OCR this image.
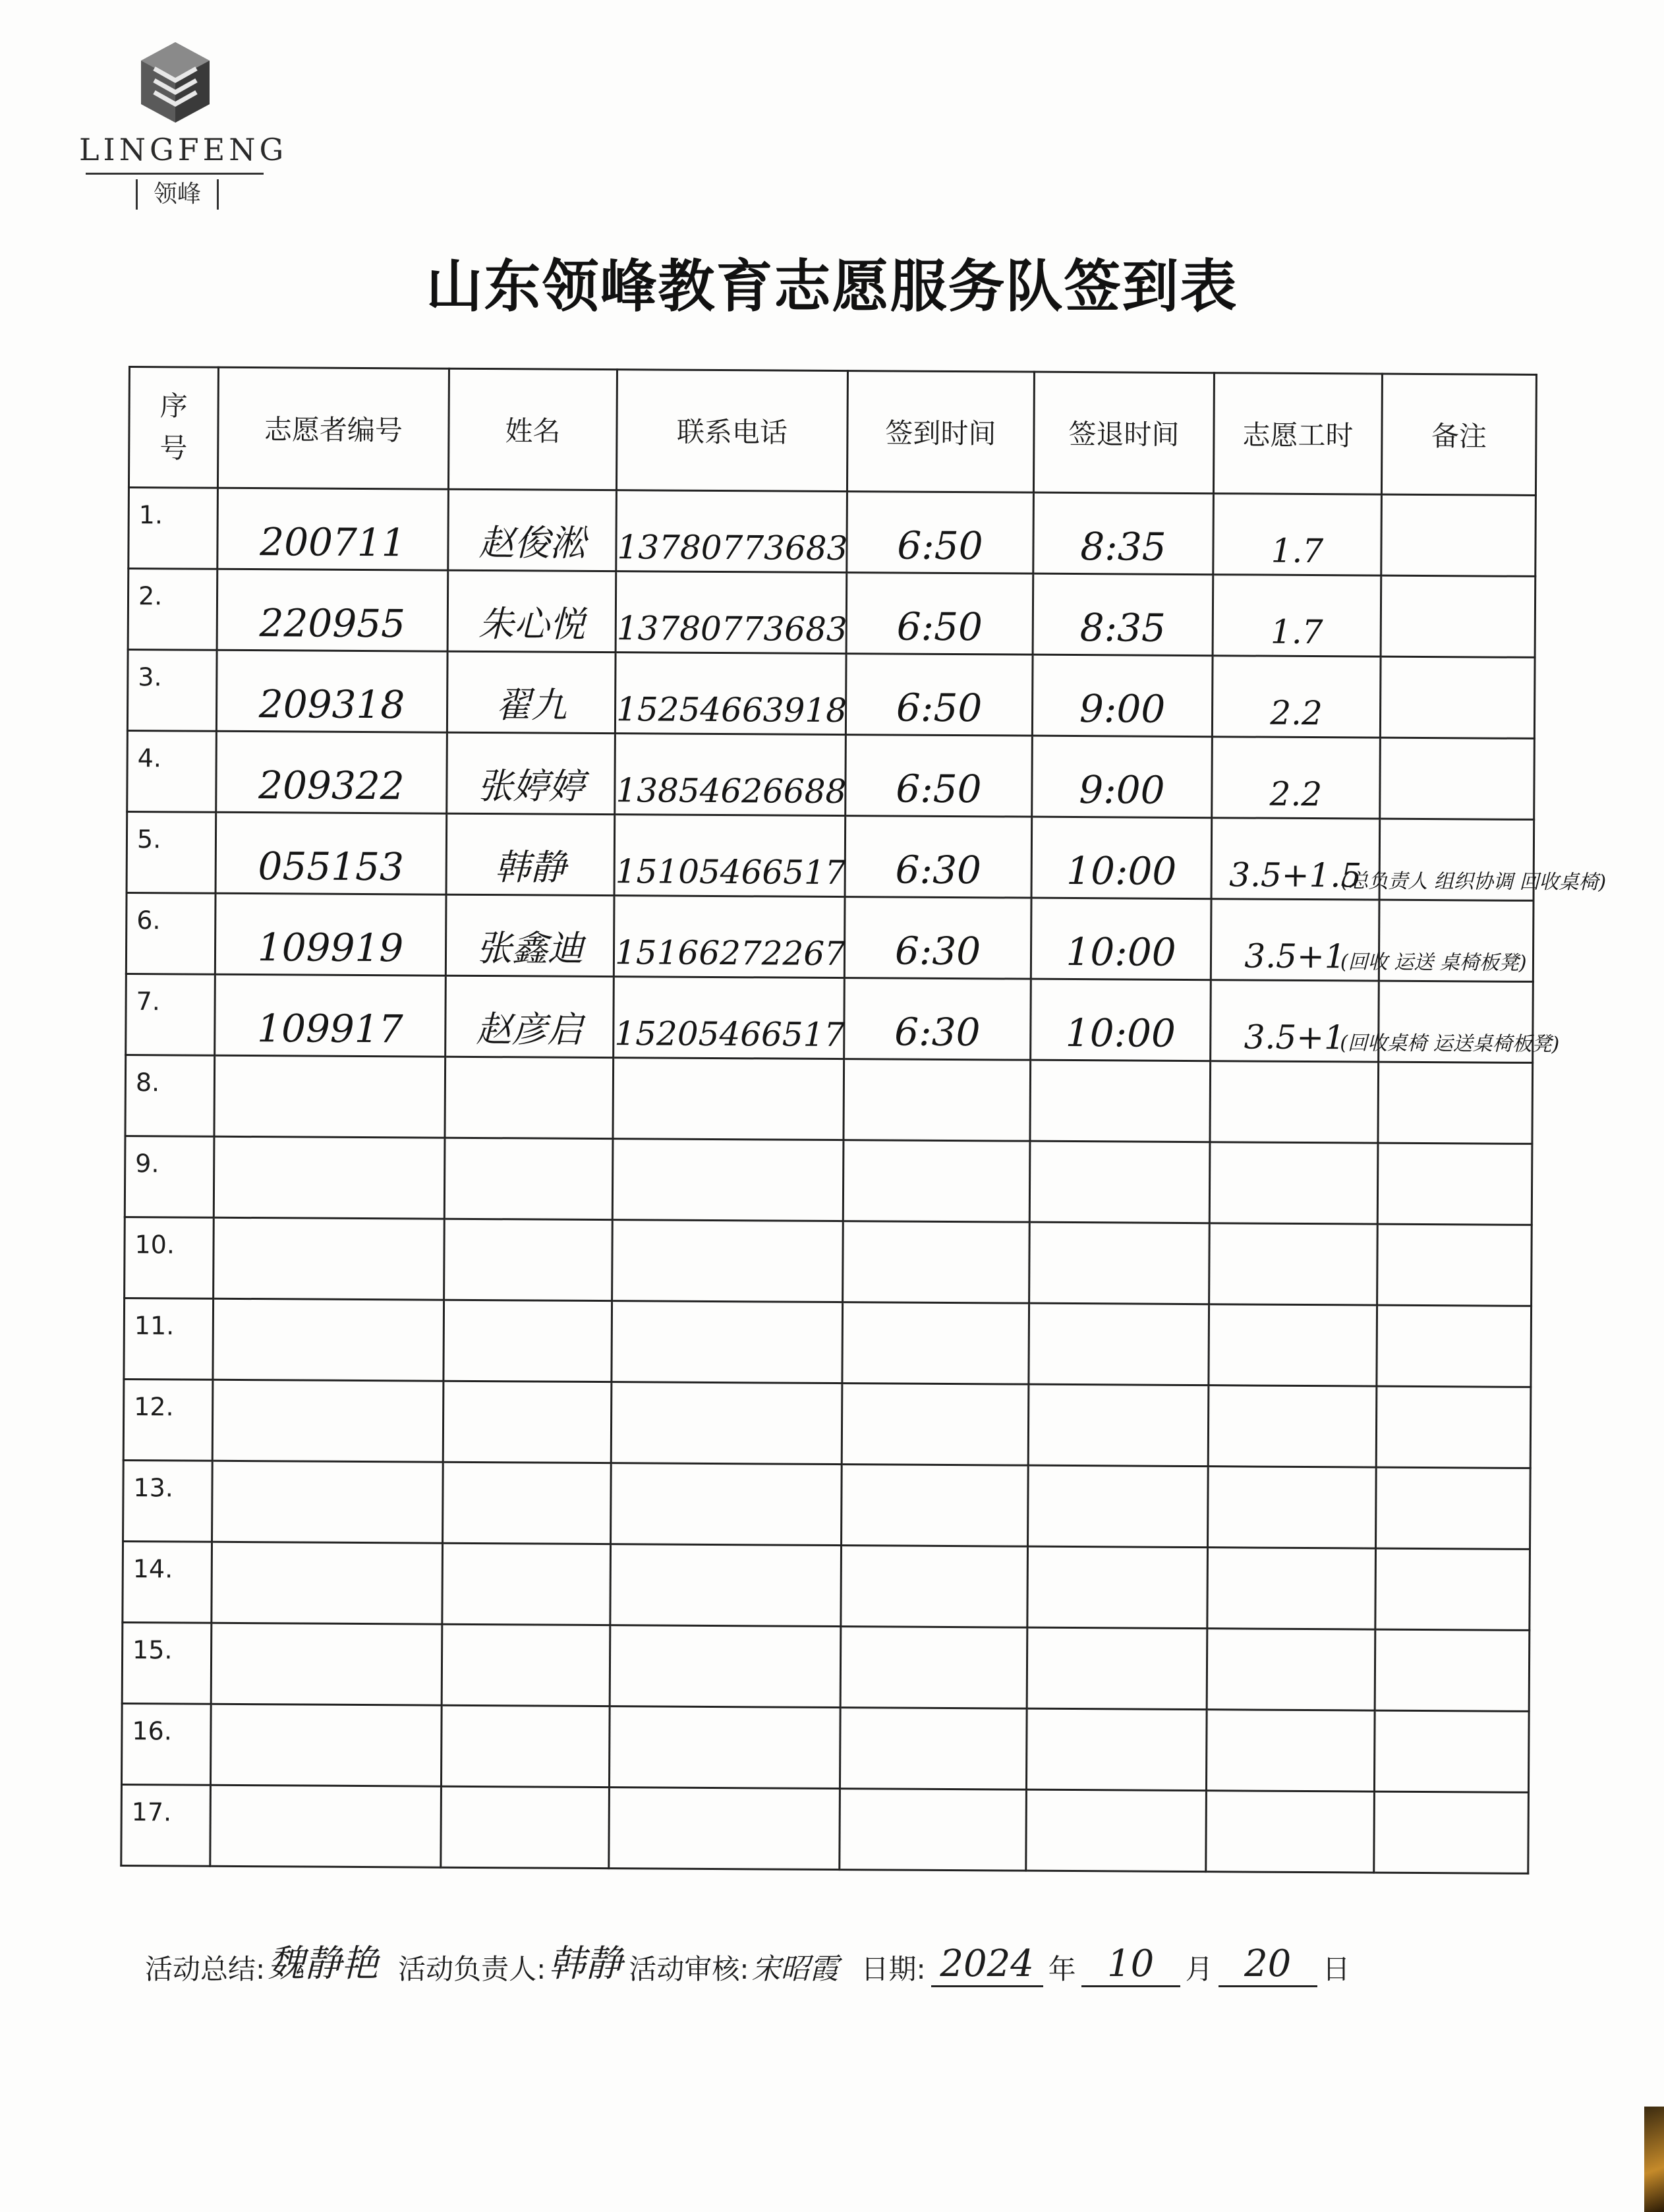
LINGFENG
领峰
山东领峰教育志愿服务队签到表
序号	志愿者编号	姓名	联系电话	签到时间	签退时间	志愿工时	备注

1.	200711	赵俊淞	13780773683	6:50	8:35	1.7	

2.	220955	朱心悦	13780773683	6:50	8:35	1.7	

3.	209318	翟九	15254663918	6:50	9:00	2.2	

4.	209322	张婷婷	13854626688	6:50	9:00	2.2	

5.	055153	韩静	15105466517	6:30	10:00	3.5+1.5	(总负责人 组织协调 回收桌椅)

6.	109919	张鑫迪	15166272267	6:30	10:00	3.5+1	(回收 运送 桌椅板凳)

7.	109917	赵彦启	15205466517	6:30	10:00	3.5+1	(回收桌椅 运送桌椅板凳)

8.							

9.							

10.							

11.							

12.							

13.							

14.							

15.							

16.							

17.							

活动总结: 魏静艳 活动负责人: 韩静 活动审核: 宋昭霞 日期: 2024 年 10	月 20	日
